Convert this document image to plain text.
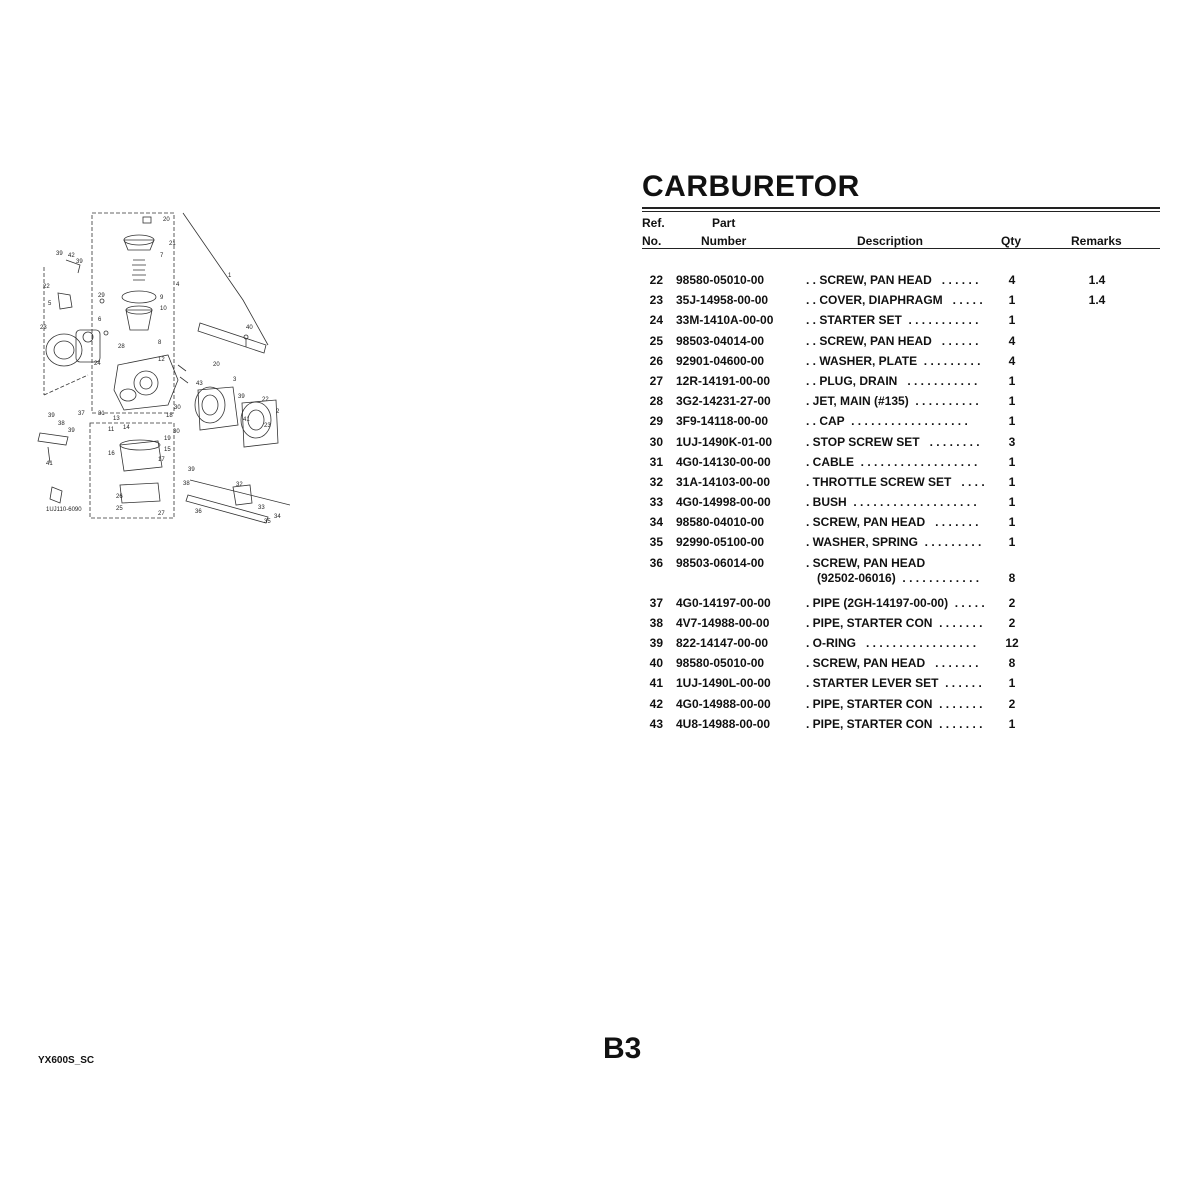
20
21
7
4
9
10
8
12
29
6
28
24
39 42
39
5
23
22
1
40
20
3
43
39	22
2
41
23
30
31
11
13
14
18
19
15
16
17
26
25
27
30
39
38	32
33
34
35
36
39
38
37
39
41
1UJ110-6090
CARBURETOR
Ref.
No.
Part
Number	Description	Qty	Remarks
22 98580-05010-00	. . SCREW, PAN HEAD   . . . . . .	4	1.4
23 35J-14958-00-00	. . COVER, DIAPHRAGM   . . . . .	1	1.4
24 33M-1410A-00-00	. . STARTER SET  . . . . . . . . . . .	1
25 98503-04014-00	. . SCREW, PAN HEAD   . . . . . .	4
26 92901-04600-00	. . WASHER, PLATE  . . . . . . . . .	4
27 12R-14191-00-00	. . PLUG, DRAIN   . . . . . . . . . . .	1
28 3G2-14231-27-00	. JET, MAIN (#135)  . . . . . . . . . .	1
29 3F9-14118-00-00	. . CAP  . . . . . . . . . . . . . . . . . .	1
30 1UJ-1490K-01-00	. STOP SCREW SET   . . . . . . . .	3
31 4G0-14130-00-00	. CABLE  . . . . . . . . . . . . . . . . . .	1
32 31A-14103-00-00	. THROTTLE SCREW SET   . . . .	1
33 4G0-14998-00-00	. BUSH  . . . . . . . . . . . . . . . . . . .	1
34 98580-04010-00	. SCREW, PAN HEAD   . . . . . . .	1
35 92990-05100-00	. WASHER, SPRING  . . . . . . . . .	1
36 98503-06014-00	. SCREW, PAN HEAD
(92502-06016)  . . . . . . . . . . . .	8
37 4G0-14197-00-00	. PIPE (2GH-14197-00-00)  . . . . .	2
38 4V7-14988-00-00	. PIPE, STARTER CON  . . . . . . .	2
39 822-14147-00-00	. O-RING   . . . . . . . . . . . . . . . . .	12
40 98580-05010-00	. SCREW, PAN HEAD   . . . . . . .	8
41 1UJ-1490L-00-00	. STARTER LEVER SET  . . . . . .	1
42 4G0-14988-00-00	. PIPE, STARTER CON  . . . . . . .	2
43 4U8-14988-00-00	. PIPE, STARTER CON  . . . . . . .	1
YX600S_SC	B3
